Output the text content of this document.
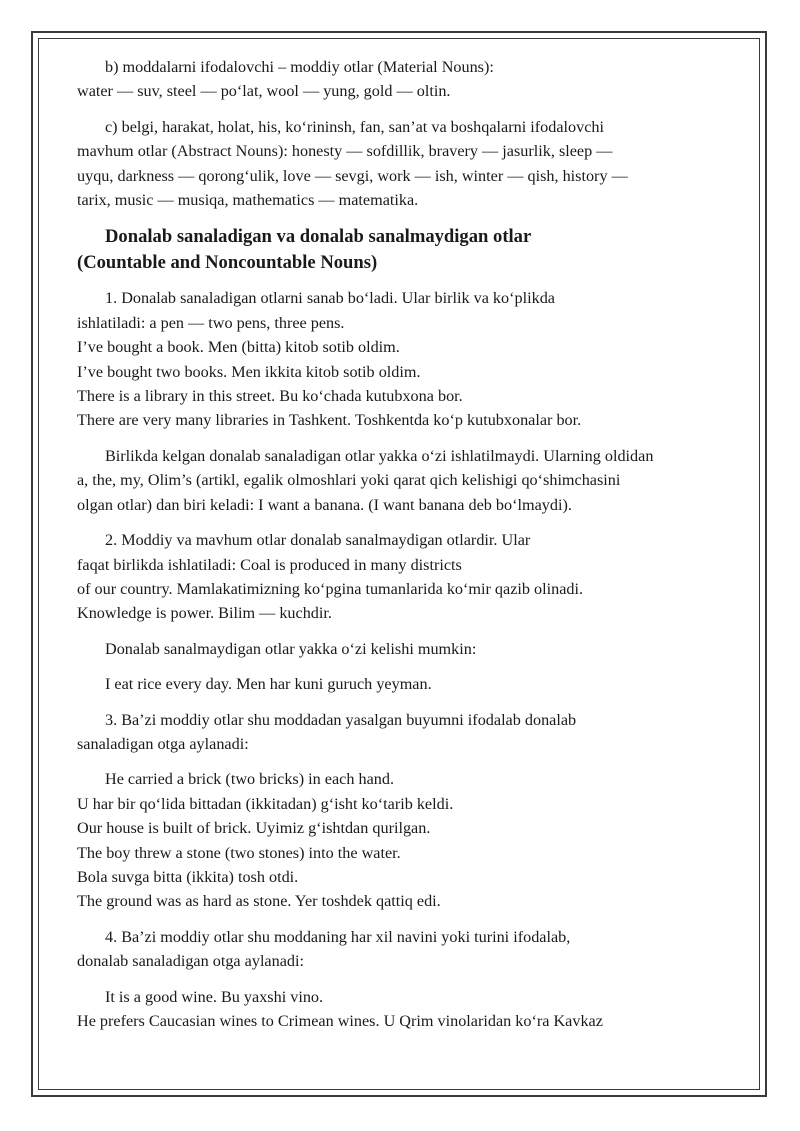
b) moddalarni ifodalovchi – moddiy otlar (Material Nouns):
water — suv, steel — po‘lat, wool — yung, gold — oltin.
c) belgi, harakat, holat, his, ko‘rininsh, fan, san’at va boshqalarni ifodalovchi
mavhum otlar (Abstract Nouns): honesty — sofdillik, bravery — jasurlik, sleep —
uyqu, darkness — qorong‘ulik, love — sevgi, work — ish, winter — qish, history —
tarix, music — musiqa, mathematics — matematika.
Donalab sanaladigan va donalab sanalmaydigan otlar
(Countable and Noncountable Nouns)
1. Donalab sanaladigan otlarni sanab bo‘ladi. Ular birlik va ko‘plikda
ishlatiladi: a pen — two pens, three pens.
I’ve bought a book. Men (bitta) kitob sotib oldim.
I’ve bought two books. Men ikkita kitob sotib oldim.
There is a library in this street. Bu ko‘chada kutubxona bor.
There are very many libraries in Tashkent. Toshkentda ko‘p kutubxonalar bor.
Birlikda kelgan donalab sanaladigan otlar yakka o‘zi ishlatilmaydi. Ularning oldidan
a, the, my, Olim’s (artikl, egalik olmoshlari yoki qarat qich kelishigi qo‘shimchasini
olgan otlar) dan biri keladi: I want a banana. (I want banana deb bo‘lmaydi).
2. Moddiy va mavhum otlar donalab sanalmaydigan otlardir. Ular
faqat birlikda ishlatiladi: Coal is produced in many districts
of our country. Mamlakatimizning ko‘pgina tumanlarida ko‘mir qazib olinadi.
Knowledge is power. Bilim — kuchdir.
Donalab sanalmaydigan otlar yakka o‘zi kelishi mumkin:
I eat rice every day. Men har kuni guruch yeyman.
3. Ba’zi moddiy otlar shu moddadan yasalgan buyumni ifodalab donalab
sanaladigan otga aylanadi:
He carried a brick (two bricks) in each hand.
U har bir qo‘lida bittadan (ikkitadan) g‘isht ko‘tarib keldi.
Our house is built of brick. Uyimiz g‘ishtdan qurilgan.
The boy threw a stone (two stones) into the water.
Bola suvga bitta (ikkita) tosh otdi.
The ground was as hard as stone. Yer toshdek qattiq edi.
4. Ba’zi moddiy otlar shu moddaning har xil navini yoki turini ifodalab,
donalab sanaladigan otga aylanadi:
It is a good wine. Bu yaxshi vino.
He prefers Caucasian wines to Crimean wines. U Qrim vinolaridan ko‘ra Kavkaz
